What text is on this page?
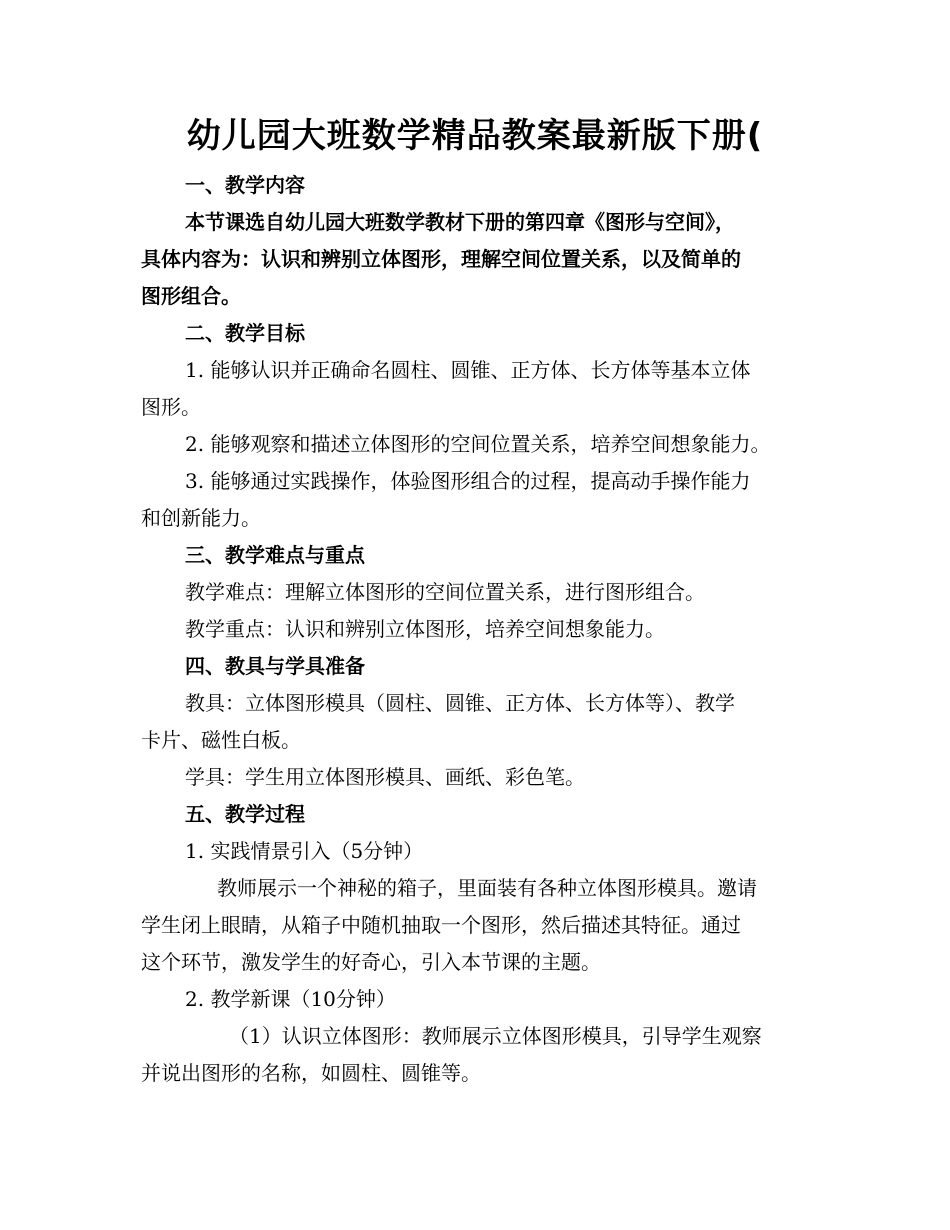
幼儿园大班数学精品教案最新版下册(
一、教学内容
本节课选自幼儿园大班数学教材下册的第四章《图形与空间》，
具体内容为：认识和辨别立体图形，理解空间位置关系，以及简单的
图形组合。
二、教学目标
1. 能够认识并正确命名圆柱、圆锥、正方体、长方体等基本立体
图形。
2. 能够观察和描述立体图形的空间位置关系，培养空间想象能力。
3. 能够通过实践操作，体验图形组合的过程，提高动手操作能力
和创新能力。
三、教学难点与重点
教学难点：理解立体图形的空间位置关系，进行图形组合。
教学重点：认识和辨别立体图形，培养空间想象能力。
四、教具与学具准备
教具：立体图形模具（圆柱、圆锥、正方体、长方体等）、教学
卡片、磁性白板。
学具：学生用立体图形模具、画纸、彩色笔。
五、教学过程
1. 实践情景引入（5分钟）
教师展示一个神秘的箱子，里面装有各种立体图形模具。邀请
学生闭上眼睛，从箱子中随机抽取一个图形，然后描述其特征。通过
这个环节，激发学生的好奇心，引入本节课的主题。
2. 教学新课（10分钟）
（1）认识立体图形：教师展示立体图形模具，引导学生观察
并说出图形的名称，如圆柱、圆锥等。
